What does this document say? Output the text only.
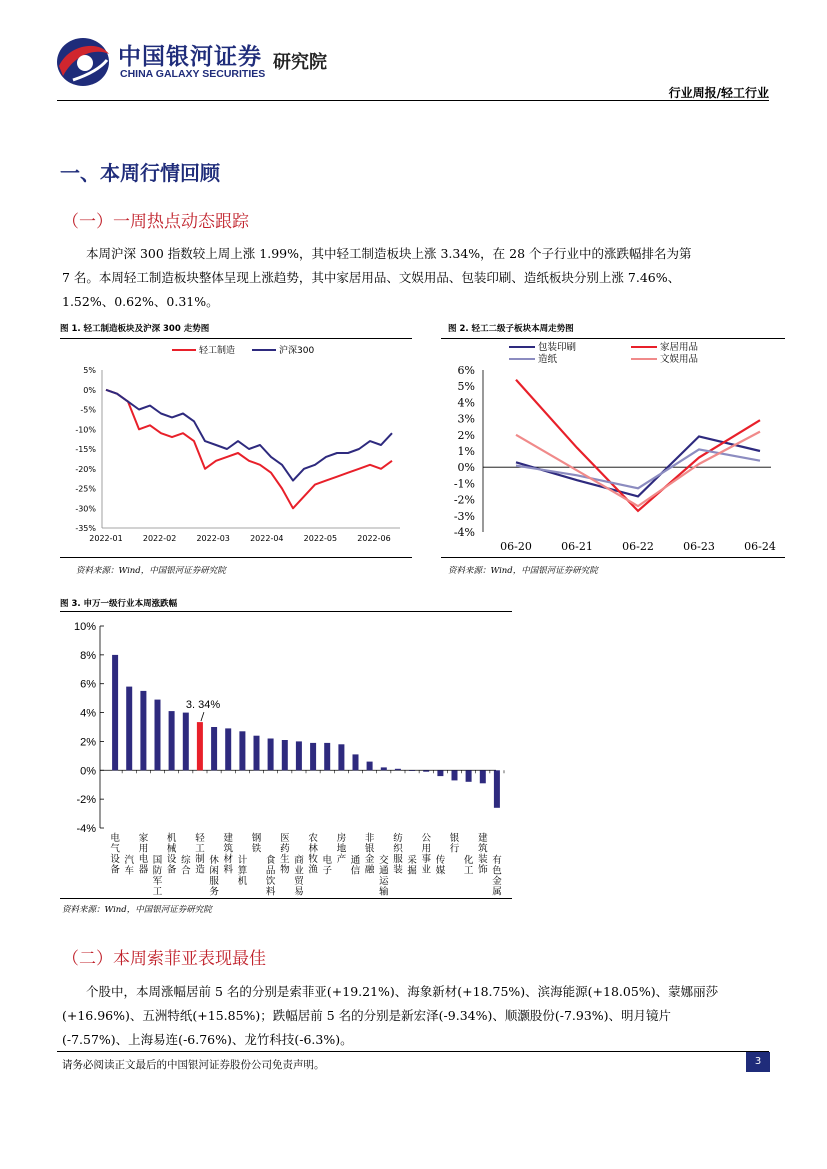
中国银河证券
CHINA GALAXY SECURITIES
研究院
行业周报/轻工行业
一、本周行情回顾
（一）一周热点动态跟踪
本周沪深 300 指数较上周上涨 1.99%，其中轻工制造板块上涨 3.34%，在 28 个子行业中的涨跌幅排名为第 7 名。本周轻工制造板块整体呈现上涨趋势，其中家居用品、文娱用品、包装印刷、造纸板块分别上涨 7.46%、1.52%、0.62%、0.31%。
图 1. 轻工制造板块及沪深 300 走势图
轻工制造	沪深300
5%
0%
-5%
-10%
-15%
-20%
-25%
-30%
-35%
2022-01	2022-02	2022-03	2022-04	2022-05	2022-06
资料来源：Wind，中国银河证券研究院
图 2. 轻工二级子板块本周走势图
包装印刷	家居用品
造纸	文娱用品
6%
5%
4%
3%
2%
1%
0%
-1%
-2%
-3%
-4%
06-20	06-21	06-22	06-23	06-24
资料来源：Wind，中国银河证券研究院
图 3. 申万一级行业本周涨跌幅
10%
8%
6%
4%
2%
0%
-2%
-4%
电气设备
汽车
家用电器
国防军工
机械设备
综合
轻工制造
休闲服务
建筑材料
计算机
钢铁
食品饮料
医药生物
商业贸易
农林牧渔
电子
房地产 通信
非银金融
交通运输
纺织服装
采掘
公用事业
传媒
银行
化工
建筑装饰
有色金属
3. 34%
资料来源：Wind，中国银河证券研究院
（二）本周索菲亚表现最佳
个股中，本周涨幅居前 5 名的分别是索菲亚(+19.21%)、海象新材(+18.75%)、滨海能源(+18.05%)、蒙娜丽莎(+16.96%)、五洲特纸(+15.85%)；跌幅居前 5 名的分别是新宏泽(-9.34%)、顺灏股份(-7.93%)、明月镜片 (-7.57%)、上海易连(-6.76%)、龙竹科技(-6.3%)。
请务必阅读正文最后的中国银河证券股份公司免责声明。	3
